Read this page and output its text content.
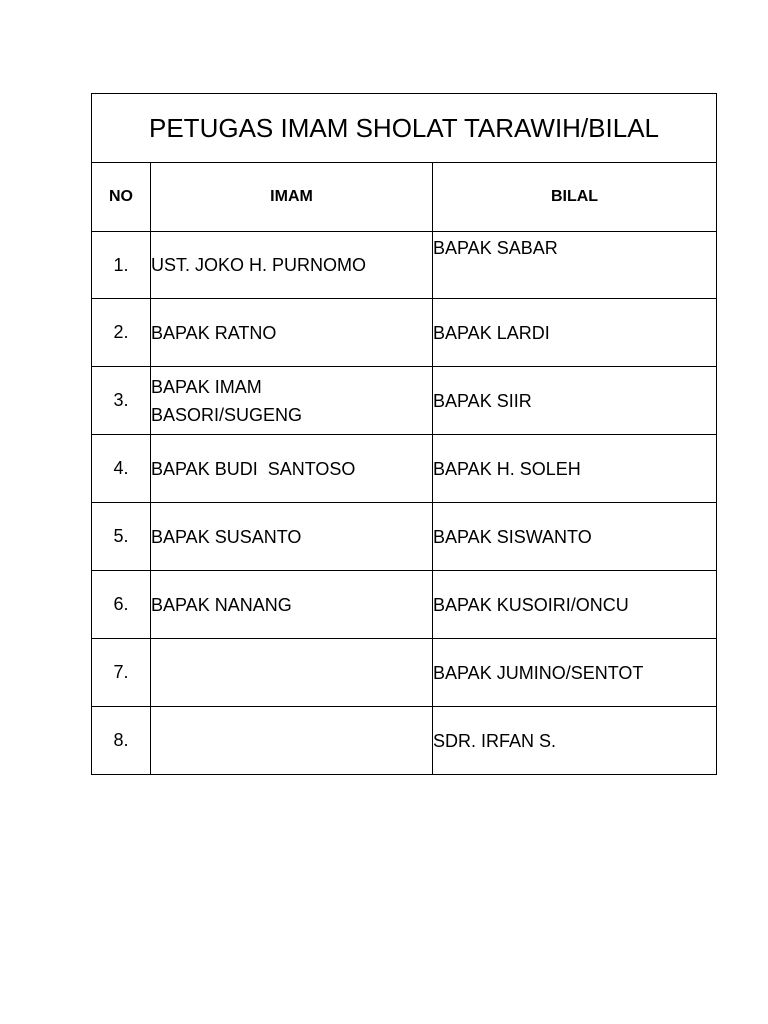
PETUGAS IMAM SHOLAT TARAWIH/BILAL		
NO	IMAM	BILAL
1.	UST. JOKO H. PURNOMO	BAPAK SABAR
2.	BAPAK RATNO	BAPAK LARDI
3.	BAPAK IMAM BASORI/SUGENG	BAPAK SIIR
4.	BAPAK BUDI  SANTOSO	BAPAK H. SOLEH
5.	BAPAK SUSANTO	BAPAK SISWANTO
6.	BAPAK NANANG	BAPAK KUSOIRI/ONCU
7.		BAPAK JUMINO/SENTOT
8.		SDR. IRFAN S.
